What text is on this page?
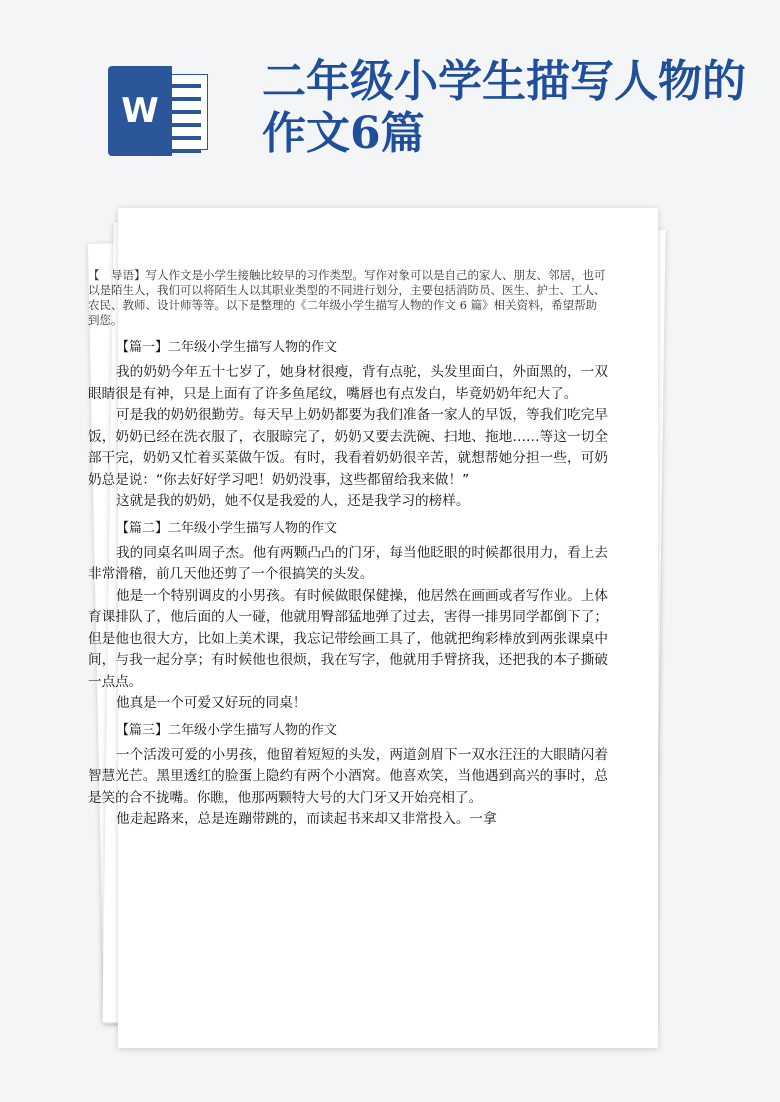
W
二年级小学生描写人物的作文6篇

【　导语】写人作文是小学生接触比较早的习作类型。写作对象可以是自己的家人、朋友、邻居，也可以是陌生人，我们可以将陌生人以其职业类型的不同进行划分，主要包括消防员、医生、护士、工人、农民、教师、设计师等等。以下是整理的《二年级小学生描写人物的作文 6 篇》相关资料，希望帮助到您。

【篇一】二年级小学生描写人物的作文

我的奶奶今年五十七岁了，她身材很瘦，背有点驼，头发里面白，外面黑的，一双眼睛很是有神，只是上面有了许多鱼尾纹，嘴唇也有点发白，毕竟奶奶年纪大了。

可是我的奶奶很勤劳。每天早上奶奶都要为我们准备一家人的早饭，等我们吃完早饭，奶奶已经在洗衣服了，衣服晾完了，奶奶又要去洗碗、扫地、拖地……等这一切全部干完，奶奶又忙着买菜做午饭。有时，我看着奶奶很辛苦，就想帮她分担一些，可奶奶总是说：“你去好好学习吧！奶奶没事，这些都留给我来做！”

这就是我的奶奶，她不仅是我爱的人，还是我学习的榜样。

【篇二】二年级小学生描写人物的作文

我的同桌名叫周子杰。他有两颗凸凸的门牙，每当他眨眼的时候都很用力，看上去非常滑稽，前几天他还剪了一个很搞笑的头发。

他是一个特别调皮的小男孩。有时候做眼保健操，他居然在画画或者写作业。上体育课排队了，他后面的人一碰，他就用臀部猛地弹了过去，害得一排男同学都倒下了；但是他也很大方，比如上美术课，我忘记带绘画工具了，他就把绚彩棒放到两张课桌中间，与我一起分享；有时候他也很烦，我在写字，他就用手臂挤我，还把我的本子撕破一点点。

他真是一个可爱又好玩的同桌！

【篇三】二年级小学生描写人物的作文

一个活泼可爱的小男孩，他留着短短的头发，两道剑眉下一双水汪汪的大眼睛闪着智慧光芒。黑里透红的脸蛋上隐约有两个小酒窝。他喜欢笑，当他遇到高兴的事时，总是笑的合不拢嘴。你瞧，他那两颗特大号的大门牙又开始亮相了。

他走起路来，总是连蹦带跳的，而读起书来却又非常投入。一拿
